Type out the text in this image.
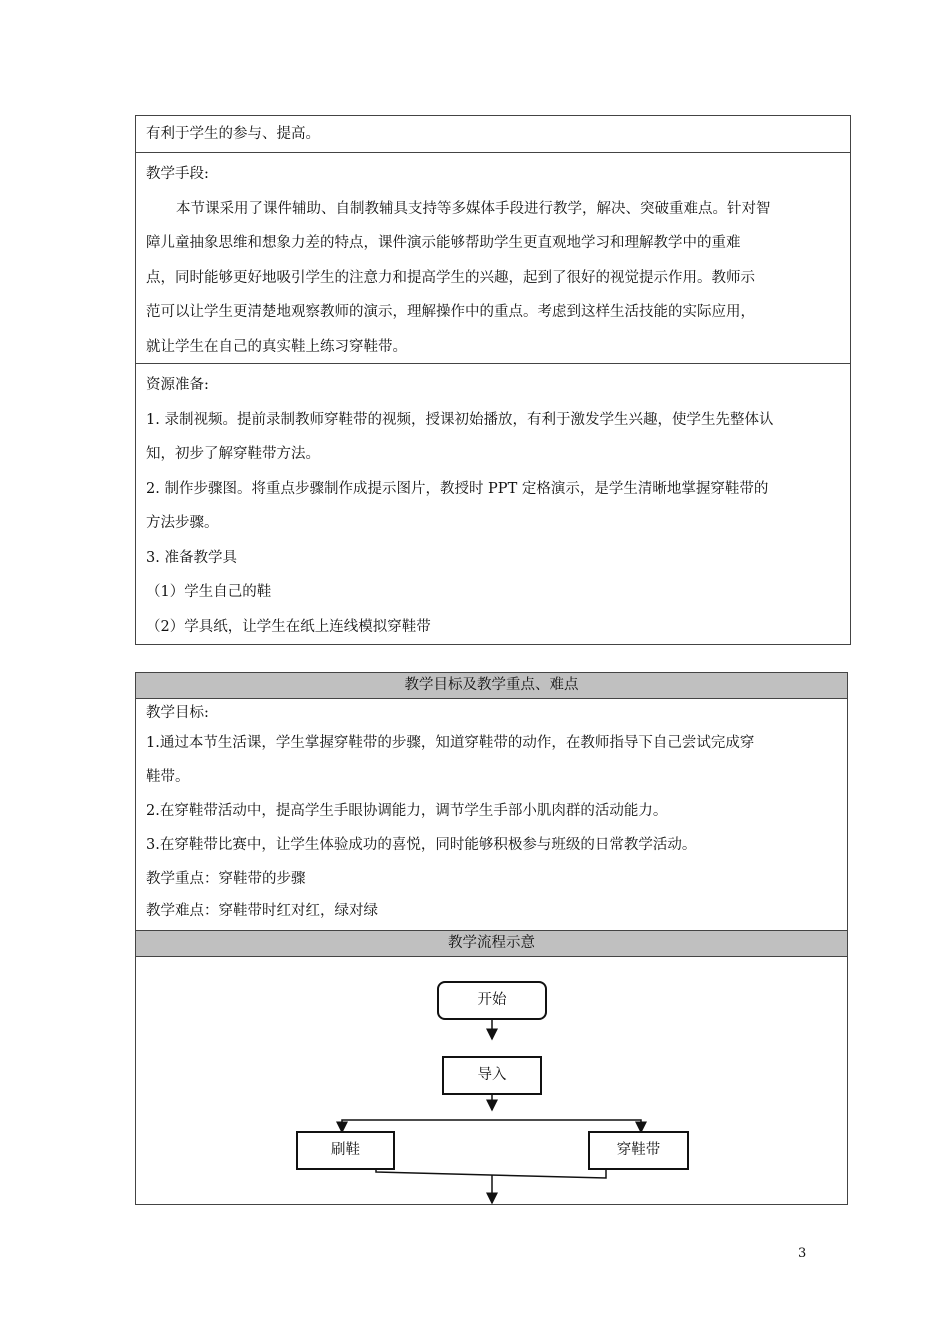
有利于学生的参与、提高。
教学手段:
本节课采用了课件辅助、自制教辅具支持等多媒体手段进行教学，解决、突破重难点。针对智
障儿童抽象思维和想象力差的特点，课件演示能够帮助学生更直观地学习和理解教学中的重难
点，同时能够更好地吸引学生的注意力和提高学生的兴趣，起到了很好的视觉提示作用。教师示
范可以让学生更清楚地观察教师的演示，理解操作中的重点。考虑到这样生活技能的实际应用，
就让学生在自己的真实鞋上练习穿鞋带。
资源准备:
1. 录制视频。提前录制教师穿鞋带的视频，授课初始播放，有利于激发学生兴趣，使学生先整体认
知，初步了解穿鞋带方法。
2. 制作步骤图。将重点步骤制作成提示图片，教授时 PPT 定格演示，是学生清晰地掌握穿鞋带的
方法步骤。
3. 准备教学具
（1）学生自己的鞋
（2）学具纸，让学生在纸上连线模拟穿鞋带
教学目标及教学重点、难点
教学目标:
1.通过本节生活课，学生掌握穿鞋带的步骤，知道穿鞋带的动作，在教师指导下自己尝试完成穿
鞋带。
2.在穿鞋带活动中，提高学生手眼协调能力，调节学生手部小肌肉群的活动能力。
3.在穿鞋带比赛中，让学生体验成功的喜悦，同时能够积极参与班级的日常教学活动。
教学重点：穿鞋带的步骤
教学难点：穿鞋带时红对红，绿对绿
教学流程示意
开始
导入
刷鞋	穿鞋带
3
